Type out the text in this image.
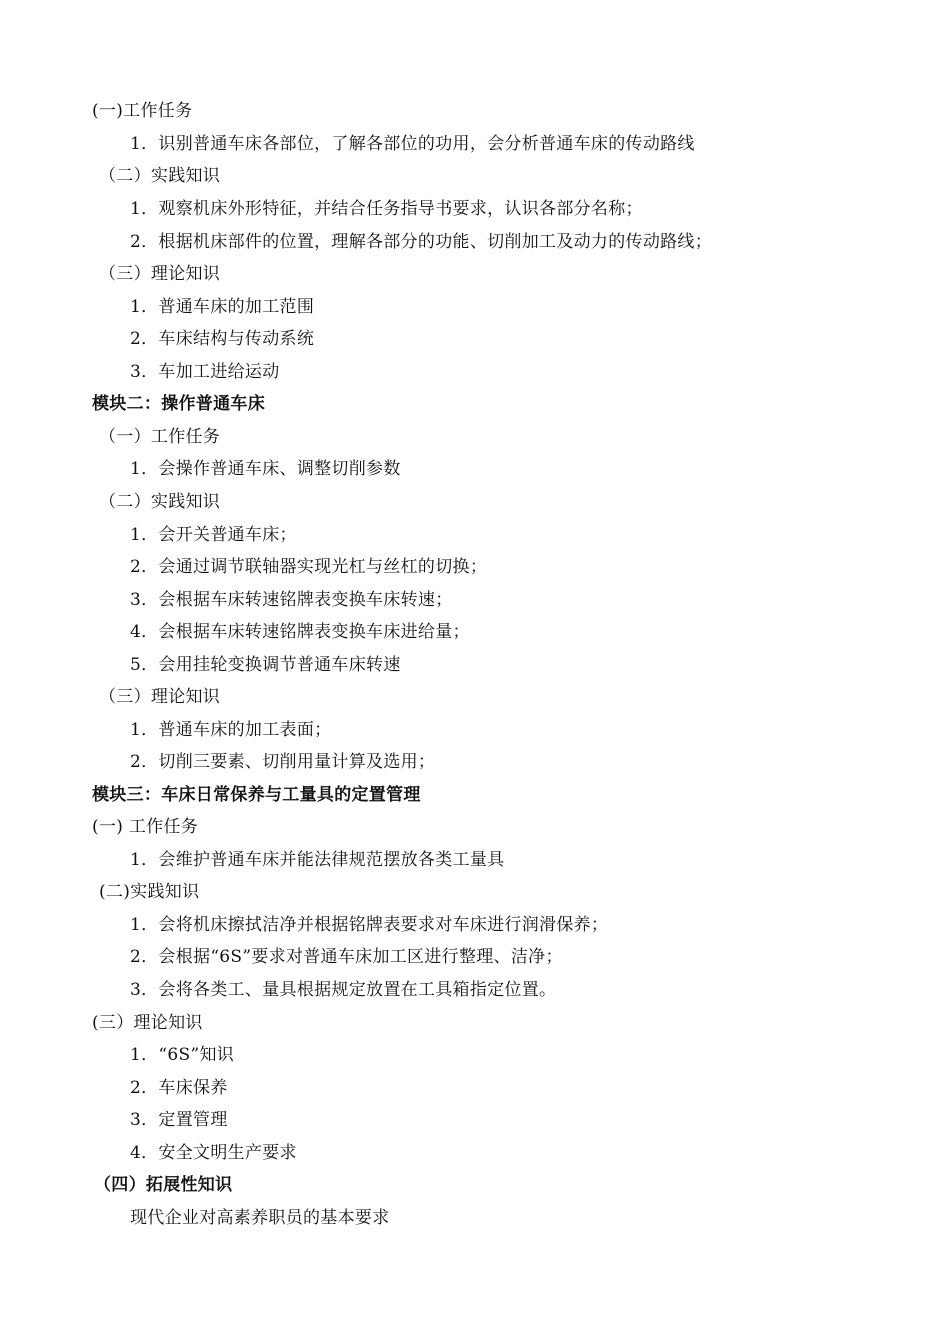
(一)工作任务
1．识别普通车床各部位，了解各部位的功用，会分析普通车床的传动路线
（二）实践知识
1．观察机床外形特征，并结合任务指导书要求，认识各部分名称；
2．根据机床部件的位置，理解各部分的功能、切削加工及动力的传动路线；
（三）理论知识
1．普通车床的加工范围
2．车床结构与传动系统
3．车加工进给运动
模块二：操作普通车床
（一）工作任务
1．会操作普通车床、调整切削参数
（二）实践知识
1．会开关普通车床；
2．会通过调节联轴器实现光杠与丝杠的切换；
3．会根据车床转速铭牌表变换车床转速；
4．会根据车床转速铭牌表变换车床进给量；
5．会用挂轮变换调节普通车床转速
（三）理论知识
1．普通车床的加工表面；
2．切削三要素、切削用量计算及选用；
模块三：车床日常保养与工量具的定置管理
(一) 工作任务
1．会维护普通车床并能法律规范摆放各类工量具
(二)实践知识
1．会将机床擦拭洁净并根据铭牌表要求对车床进行润滑保养；
2．会根据“6S”要求对普通车床加工区进行整理、洁净；
3．会将各类工、量具根据规定放置在工具箱指定位置。
(三）理论知识
1．“6S”知识
2．车床保养
3．定置管理
4．安全文明生产要求
（四）拓展性知识
现代企业对高素养职员的基本要求
